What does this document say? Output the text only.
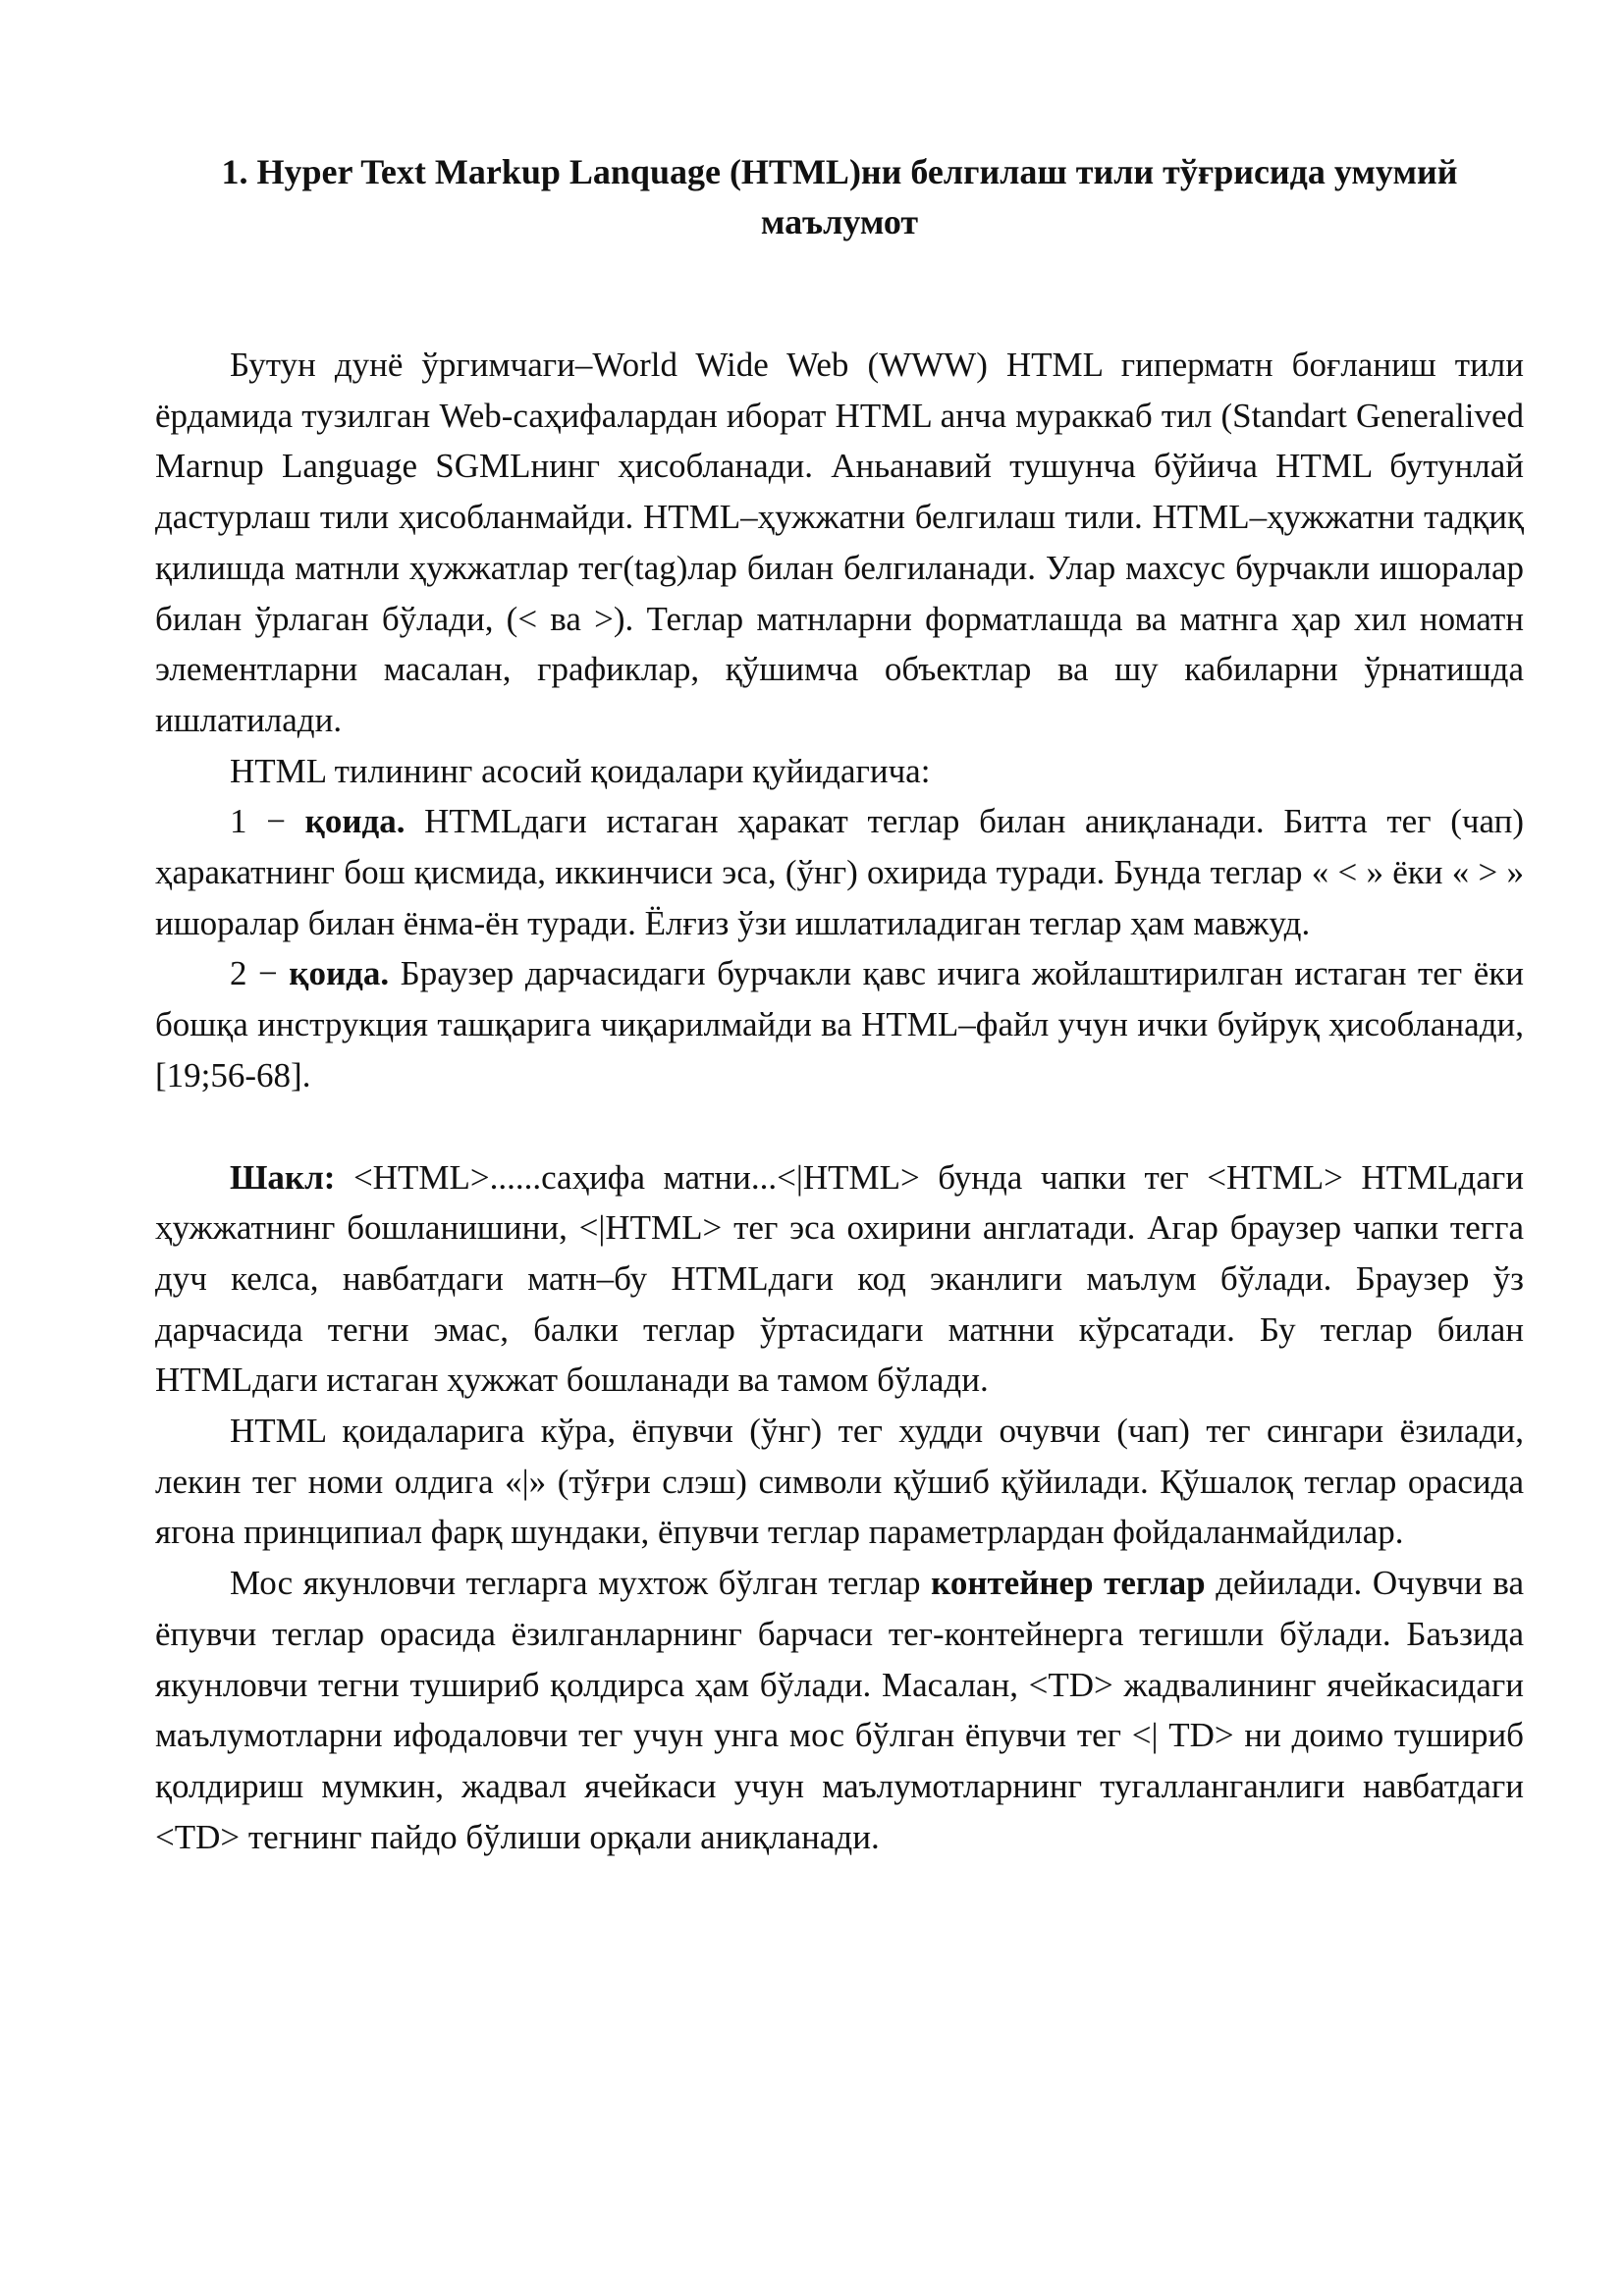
1. Hyper Text Markup Lanquage (HTML)ни белгилаш тили тўғрисида умумий
маълумот

Бутун дунё ўргимчаги–World Wide Web (WWW) HTML гиперматн боғланиш тили ёрдамида тузилган Web-саҳифалардан иборат HTML анча мураккаб тил (Standart Generalived Marnup Language SGMLнинг ҳисобланади. Аньанавий тушунча бўйича HTML бутунлай дастурлаш тили ҳисобланмайди. HTML–ҳужжатни белгилаш тили. HTML–ҳужжатни тадқиқ қилишда матнли ҳужжатлар тег(tag)лар билан белгиланади. Улар махсус бурчакли ишоралар билан ўрлаган бўлади, (< ва >). Теглар матнларни форматлашда ва матнга ҳар хил номатн элементларни масалан, графиклар, қўшимча объектлар ва шу кабиларни ўрнатишда ишлатилади.

HTML тилининг асосий қоидалари қуйидагича:

1 − қоида. HTMLдаги истаган ҳаракат теглар билан аниқланади. Битта тег (чап) ҳаракатнинг бош қисмида, иккинчиси эса, (ўнг) охирида туради. Бунда теглар « < » ёки « > » ишоралар билан ёнма-ён туради. Ёлғиз ўзи ишлатиладиган теглар ҳам мавжуд.

2 − қоида. Браузер дарчасидаги бурчакли қавс ичига жойлаштирилган истаган тег ёки бошқа инструкция ташқарига чиқарилмайди ва HTML–файл учун ички буйруқ ҳисобланади,[19;56-68].

Шакл: <HTML>......саҳифа матни...<|HTML> бунда чапки тег <HTML> HTMLдаги ҳужжатнинг бошланишини, <|HTML> тег эса охирини англатади. Агар браузер чапки тегга дуч келса, навбатдаги матн–бу HTMLдаги код эканлиги маълум бўлади. Браузер ўз дарчасида тегни эмас, балки теглар ўртасидаги матнни кўрсатади. Бу теглар билан HTMLдаги истаган ҳужжат бошланади ва тамом бўлади.

HTML қоидаларига кўра, ёпувчи (ўнг) тег худди очувчи (чап) тег сингари ёзилади, лекин тег номи олдига «|» (тўғри слэш) символи қўшиб қўйилади. Қўшалоқ теглар орасида ягона принципиал фарқ шундаки, ёпувчи теглар параметрлардан фойдаланмайдилар.

Мос якунловчи тегларга мухтож бўлган теглар контейнер теглар дейилади. Очувчи ва ёпувчи теглар орасида ёзилганларнинг барчаси тег-контейнерга тегишли бўлади. Баъзида якунловчи тегни тушириб қолдирса ҳам бўлади. Масалан, <TD> жадвалининг ячейкасидаги маълумотларни ифодаловчи тег учун унга мос бўлган ёпувчи тег <| TD> ни доимо тушириб қолдириш мумкин, жадвал ячейкаси учун маълумотларнинг тугалланганлиги навбатдаги <TD> тегнинг пайдо бўлиши орқали аниқланади.
